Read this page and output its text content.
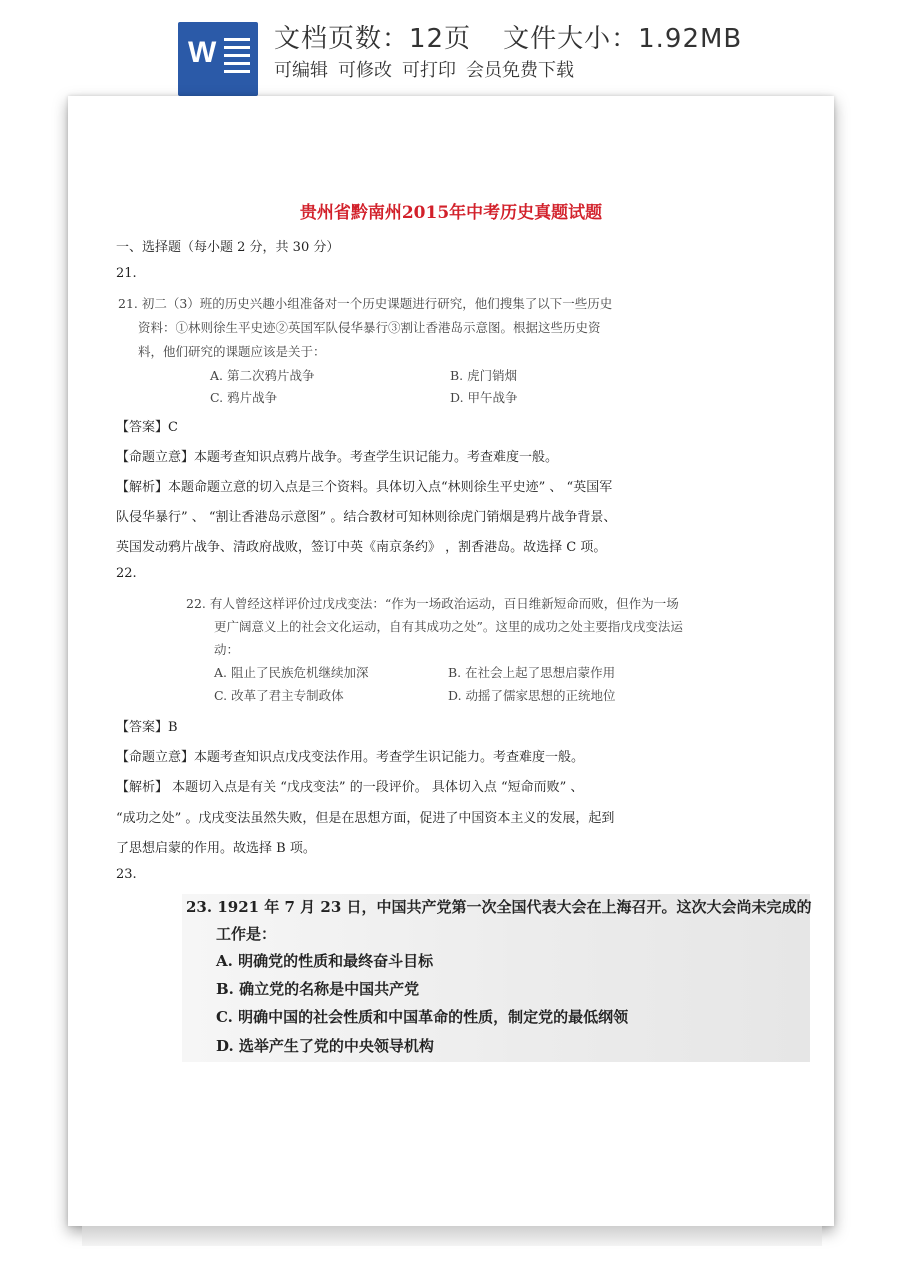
W 文档页数：12页 文件大小：1.92MB
可编辑 可修改 可打印 会员免费下载
贵州省黔南州2015年中考历史真题试题
一、选择题（每小题 2 分，共 30 分）
21.
21. 初二（3）班的历史兴趣小组准备对一个历史课题进行研究，他们搜集了以下一些历史
资料：①林则徐生平史迹②英国军队侵华暴行③割让香港岛示意图。根据这些历史资
料，他们研究的课题应该是关于：
A. 第二次鸦片战争	B. 虎门销烟
C. 鸦片战争	D. 甲午战争
【答案】C
【命题立意】本题考查知识点鸦片战争。考查学生识记能力。考查难度一般。
【解析】本题命题立意的切入点是三个资料。具体切入点“林则徐生平史迹” 、 “英国军
队侵华暴行” 、 “割让香港岛示意图” 。结合教材可知林则徐虎门销烟是鸦片战争背景、
英国发动鸦片战争、清政府战败，签订中英《南京条约》 ，割香港岛。故选择 C 项。
22.
22. 有人曾经这样评价过戊戌变法：“作为一场政治运动，百日维新短命而败，但作为一场
更广阔意义上的社会文化运动，自有其成功之处”。这里的成功之处主要指戊戌变法运
动：
A. 阻止了民族危机继续加深	B. 在社会上起了思想启蒙作用
C. 改革了君主专制政体	D. 动摇了儒家思想的正统地位
【答案】B
【命题立意】本题考查知识点戊戌变法作用。考查学生识记能力。考查难度一般。
【解析】 本题切入点是有关 “戊戌变法” 的一段评价。 具体切入点 “短命而败” 、
“成功之处” 。戊戌变法虽然失败，但是在思想方面，促进了中国资本主义的发展，起到
了思想启蒙的作用。故选择 B 项。
23.
23. 1921 年 7 月 23 日，中国共产党第一次全国代表大会在上海召开。这次大会尚未完成的
工作是：
A. 明确党的性质和最终奋斗目标
B. 确立党的名称是中国共产党
C. 明确中国的社会性质和中国革命的性质，制定党的最低纲领
D. 选举产生了党的中央领导机构
